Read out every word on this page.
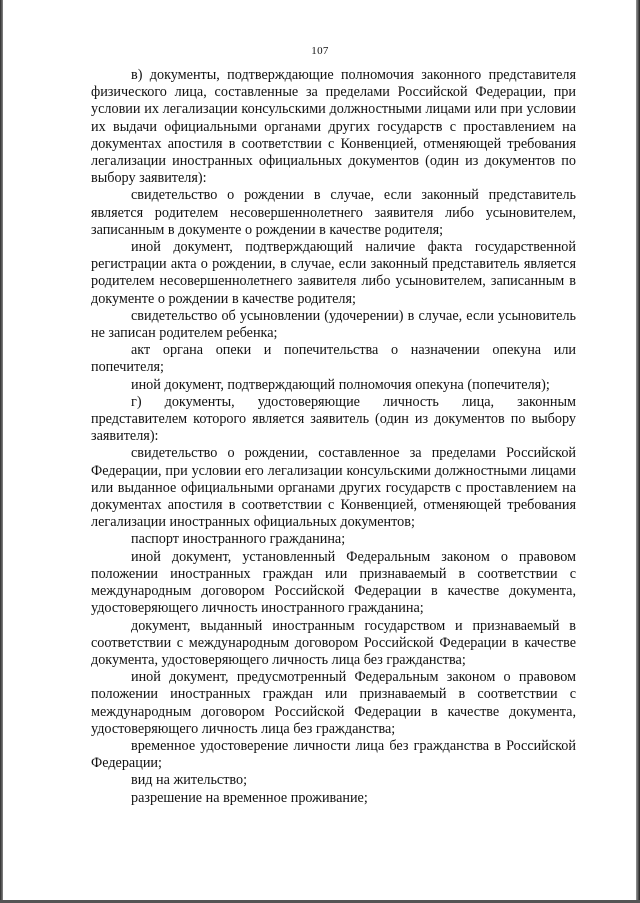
107

в) документы, подтверждающие полномочия законного представителя физического лица, составленные за пределами Российской Федерации, при условии их легализации консульскими должностными лицами или при условии их выдачи официальными органами других государств с проставлением на документах апостиля в соответствии с Конвенцией, отменяющей требования легализации иностранных официальных документов (один из документов по выбору заявителя):

свидетельство о рождении в случае, если законный представитель является родителем несовершеннолетнего заявителя либо усыновителем, записанным в документе о рождении в качестве родителя;

иной документ, подтверждающий наличие факта государственной регистрации акта о рождении, в случае, если законный представитель является родителем несовершеннолетнего заявителя либо усыновителем, записанным в документе о рождении в качестве родителя;

свидетельство об усыновлении (удочерении) в случае, если усыновитель не записан родителем ребенка;

акт органа опеки и попечительства о назначении опекуна или попечителя;

иной документ, подтверждающий полномочия опекуна (попечителя);

г) документы, удостоверяющие личность лица, законным представителем которого является заявитель (один из документов по выбору заявителя):

свидетельство о рождении, составленное за пределами Российской Федерации, при условии его легализации консульскими должностными лицами или выданное официальными органами других государств с проставлением на документах апостиля в соответствии с Конвенцией, отменяющей требования легализации иностранных официальных документов;

паспорт иностранного гражданина;

иной документ, установленный Федеральным законом о правовом положении иностранных граждан или признаваемый в соответствии с международным договором Российской Федерации в качестве документа, удостоверяющего личность иностранного гражданина;

документ, выданный иностранным государством и признаваемый в соответствии с международным договором Российской Федерации в качестве документа, удостоверяющего личность лица без гражданства;

иной документ, предусмотренный Федеральным законом о правовом положении иностранных граждан или признаваемый в соответствии с международным договором Российской Федерации в качестве документа, удостоверяющего личность лица без гражданства;

временное удостоверение личности лица без гражданства в Российской Федерации;

вид на жительство;

разрешение на временное проживание;
